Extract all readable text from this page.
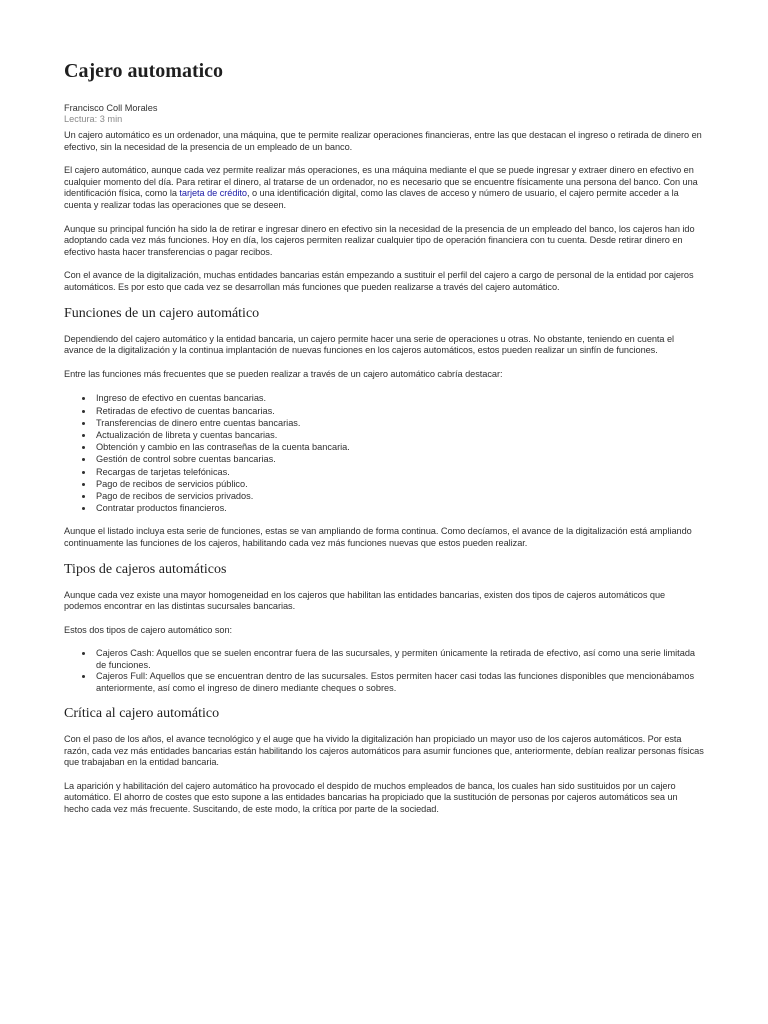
Cajero automatico
Francisco Coll Morales
Lectura: 3 min

Un cajero automático es un ordenador, una máquina, que te permite realizar operaciones financieras, entre las que destacan el ingreso o retirada de dinero en efectivo, sin la necesidad de la presencia de un empleado de un banco.

El cajero automático, aunque cada vez permite realizar más operaciones, es una máquina mediante el que se puede ingresar y extraer dinero en efectivo en cualquier momento del día. Para retirar el dinero, al tratarse de un ordenador, no es necesario que se encuentre físicamente una persona del banco. Con una identificación física, como la tarjeta de crédito, o una identificación digital, como las claves de acceso y número de usuario, el cajero permite acceder a la cuenta y realizar todas las operaciones que se deseen.

Aunque su principal función ha sido la de retirar e ingresar dinero en efectivo sin la necesidad de la presencia de un empleado del banco, los cajeros han ido adoptando cada vez más funciones. Hoy en día, los cajeros permiten realizar cualquier tipo de operación financiera con tu cuenta. Desde retirar dinero en efectivo hasta hacer transferencias o pagar recibos.

Con el avance de la digitalización, muchas entidades bancarias están empezando a sustituir el perfil del cajero a cargo de personal de la entidad por cajeros automáticos. Es por esto que cada vez se desarrollan más funciones que pueden realizarse a través del cajero automático.

Funciones de un cajero automático

Dependiendo del cajero automático y la entidad bancaria, un cajero permite hacer una serie de operaciones u otras. No obstante, teniendo en cuenta el avance de la digitalización y la continua implantación de nuevas funciones en los cajeros automáticos, estos pueden realizar un sinfín de funciones.

Entre las funciones más frecuentes que se pueden realizar a través de un cajero automático cabría destacar:

• Ingreso de efectivo en cuentas bancarias.
• Retiradas de efectivo de cuentas bancarias.
• Transferencias de dinero entre cuentas bancarias.
• Actualización de libreta y cuentas bancarias.
• Obtención y cambio en las contraseñas de la cuenta bancaria.
• Gestión de control sobre cuentas bancarias.
• Recargas de tarjetas telefónicas.
• Pago de recibos de servicios público.
• Pago de recibos de servicios privados.
• Contratar productos financieros.

Aunque el listado incluya esta serie de funciones, estas se van ampliando de forma continua. Como decíamos, el avance de la digitalización está ampliando continuamente las funciones de los cajeros, habilitando cada vez más funciones nuevas que estos pueden realizar.

Tipos de cajeros automáticos

Aunque cada vez existe una mayor homogeneidad en los cajeros que habilitan las entidades bancarias, existen dos tipos de cajeros automáticos que podemos encontrar en las distintas sucursales bancarias.

Estos dos tipos de cajero automático son:

• Cajeros Cash: Aquellos que se suelen encontrar fuera de las sucursales, y permiten únicamente la retirada de efectivo, así como una serie limitada de funciones.
• Cajeros Full: Aquellos que se encuentran dentro de las sucursales. Estos permiten hacer casi todas las funciones disponibles que mencionábamos anteriormente, así como el ingreso de dinero mediante cheques o sobres.
Crítica al cajero automático

Con el paso de los años, el avance tecnológico y el auge que ha vivido la digitalización han propiciado un mayor uso de los cajeros automáticos. Por esta razón, cada vez más entidades bancarias están habilitando los cajeros automáticos para asumir funciones que, anteriormente, debían realizar personas físicas que trabajaban en la entidad bancaria.

La aparición y habilitación del cajero automático ha provocado el despido de muchos empleados de banca, los cuales han sido sustituidos por un cajero automático. El ahorro de costes que esto supone a las entidades bancarias ha propiciado que la sustitución de personas por cajeros automáticos sea un hecho cada vez más frecuente. Suscitando, de este modo, la crítica por parte de la sociedad.
